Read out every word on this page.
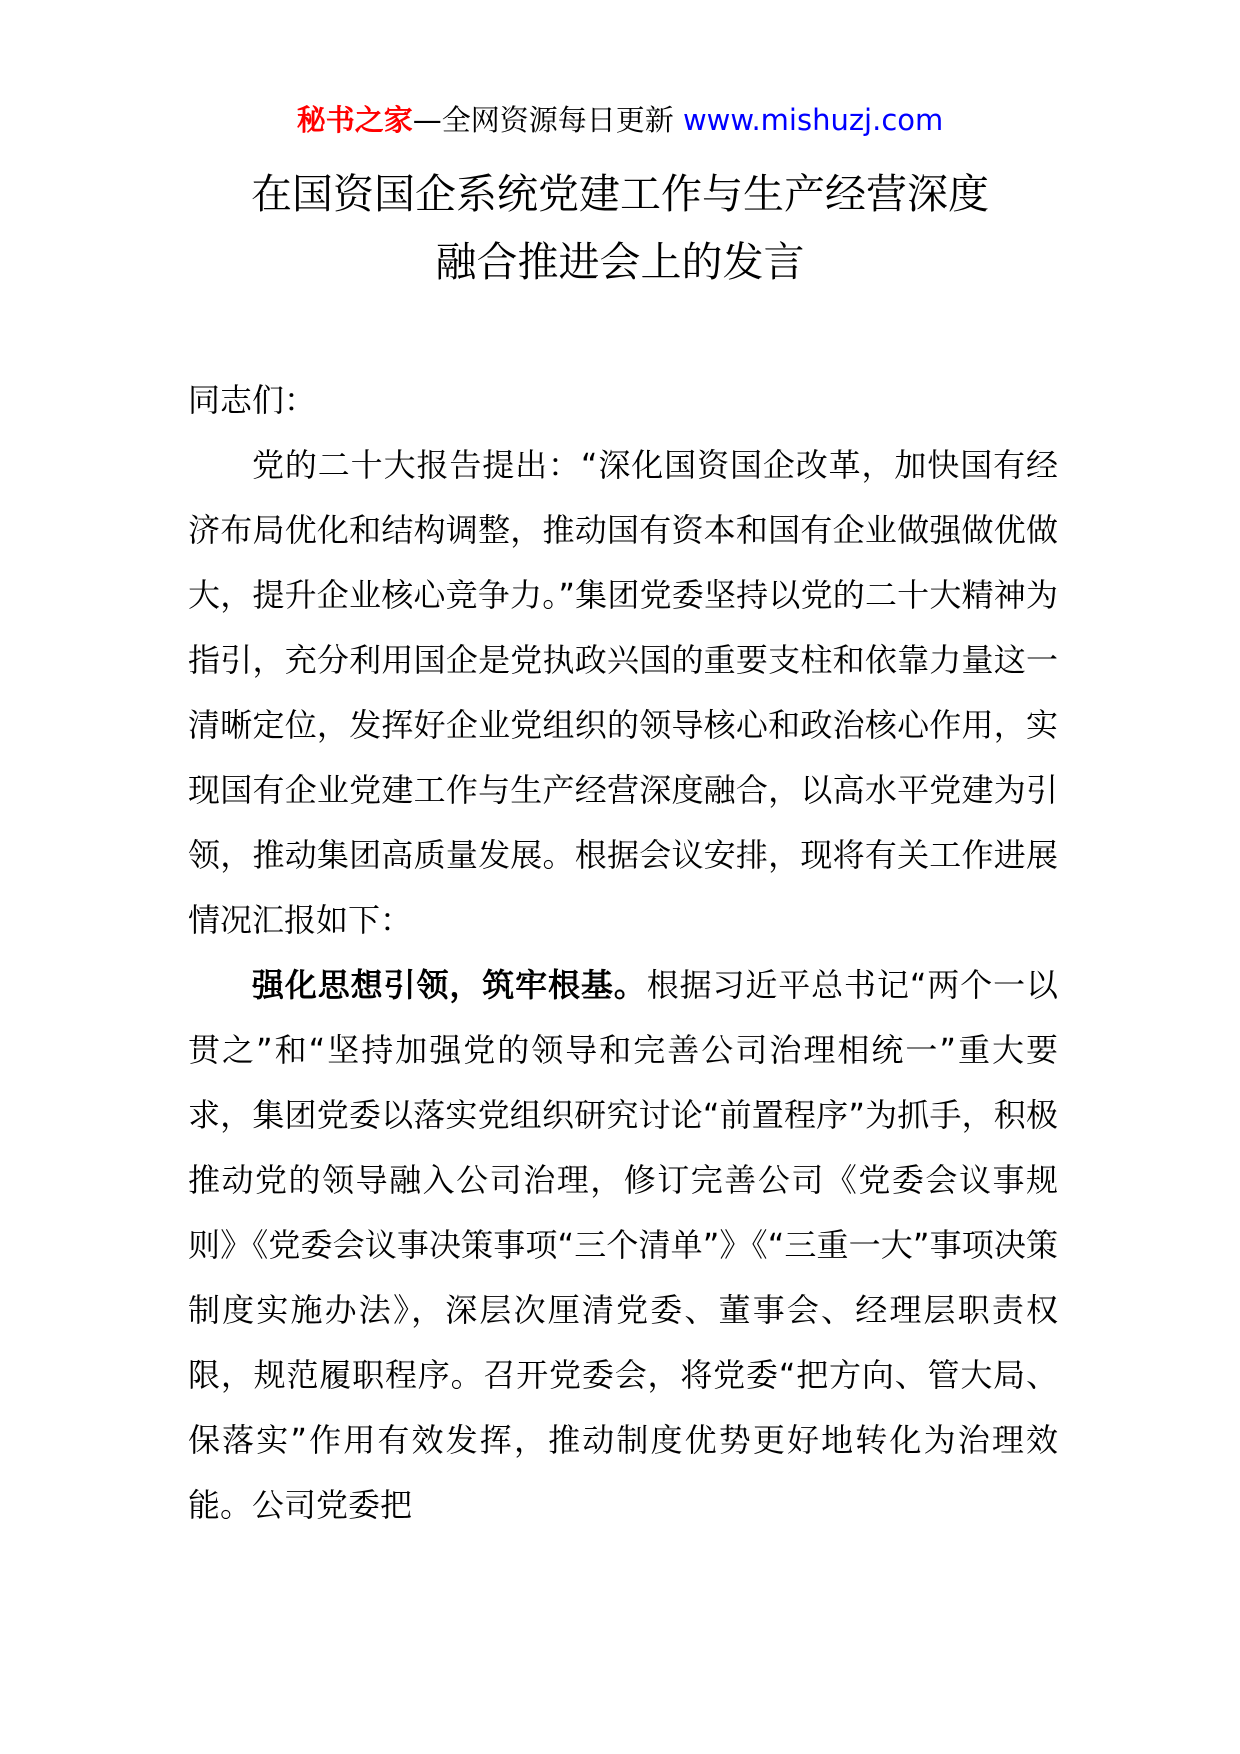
秘书之家—全网资源每日更新 www.mishuzj.com
在国资国企系统党建工作与生产经营深度
融合推进会上的发言

同志们：

党的二十大报告提出：“深化国资国企改革，加快国有经济布局优化和结构调整，推动国有资本和国有企业做强做优做大，提升企业核心竞争力。”集团党委坚持以党的二十大精神为指引，充分利用国企是党执政兴国的重要支柱和依靠力量这一清晰定位，发挥好企业党组织的领导核心和政治核心作用，实现国有企业党建工作与生产经营深度融合，以高水平党建为引领，推动集团高质量发展。根据会议安排，现将有关工作进展情况汇报如下：

强化思想引领，筑牢根基。根据习近平总书记“两个一以贯之”和“坚持加强党的领导和完善公司治理相统一”重大要求，集团党委以落实党组织研究讨论“前置程序”为抓手，积极推动党的领导融入公司治理，修订完善公司《党委会议事规则》《党委会议事决策事项“三个清单”》《“三重一大”事项决策制度实施办法》，深层次厘清党委、董事会、经理层职责权限，规范履职程序。召开党委会，将党委“把方向、管大局、保落实”作用有效发挥，推动制度优势更好地转化为治理效能。公司党委把
